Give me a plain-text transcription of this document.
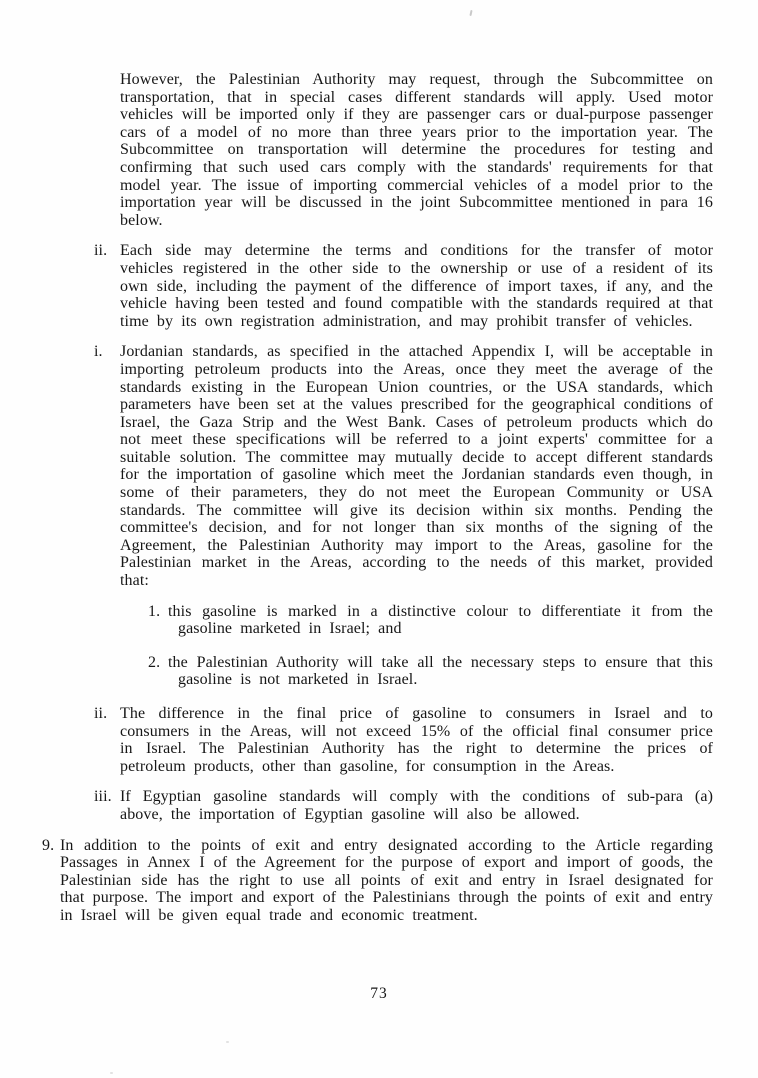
However, the Palestinian Authority may request, through the Subcommittee on transportation, that in special cases different standards will apply. Used motor vehicles will be imported only if they are passenger cars or dual-purpose passenger cars of a model of no more than three years prior to the importation year. The Subcommittee on transportation will determine the procedures for testing and confirming that such used cars comply with the standards' requirements for that model year. The issue of importing commercial vehicles of a model prior to the importation year will be discussed in the joint Subcommittee mentioned in para 16 below.
ii. Each side may determine the terms and conditions for the transfer of motor vehicles registered in the other side to the ownership or use of a resident of its own side, including the payment of the difference of import taxes, if any, and the vehicle having been tested and found compatible with the standards required at that time by its own registration administration, and may prohibit transfer of vehicles.
i. Jordanian standards, as specified in the attached Appendix I, will be acceptable in importing petroleum products into the Areas, once they meet the average of the standards existing in the European Union countries, or the USA standards, which parameters have been set at the values prescribed for the geographical conditions of Israel, the Gaza Strip and the West Bank. Cases of petroleum products which do not meet these specifications will be referred to a joint experts' committee for a suitable solution. The committee may mutually decide to accept different standards for the importation of gasoline which meet the Jordanian standards even though, in some of their parameters, they do not meet the European Community or USA standards. The committee will give its decision within six months. Pending the committee's decision, and for not longer than six months of the signing of the Agreement, the Palestinian Authority may import to the Areas, gasoline for the Palestinian market in the Areas, according to the needs of this market, provided that:
1. this gasoline is marked in a distinctive colour to differentiate it from the gasoline marketed in Israel; and
2. the Palestinian Authority will take all the necessary steps to ensure that this gasoline is not marketed in Israel.
ii. The difference in the final price of gasoline to consumers in Israel and to consumers in the Areas, will not exceed 15% of the official final consumer price in Israel. The Palestinian Authority has the right to determine the prices of petroleum products, other than gasoline, for consumption in the Areas.
iii. If Egyptian gasoline standards will comply with the conditions of sub-para (a) above, the importation of Egyptian gasoline will also be allowed.
9. In addition to the points of exit and entry designated according to the Article regarding Passages in Annex I of the Agreement for the purpose of export and import of goods, the Palestinian side has the right to use all points of exit and entry in Israel designated for that purpose. The import and export of the Palestinians through the points of exit and entry in Israel will be given equal trade and economic treatment.
73
